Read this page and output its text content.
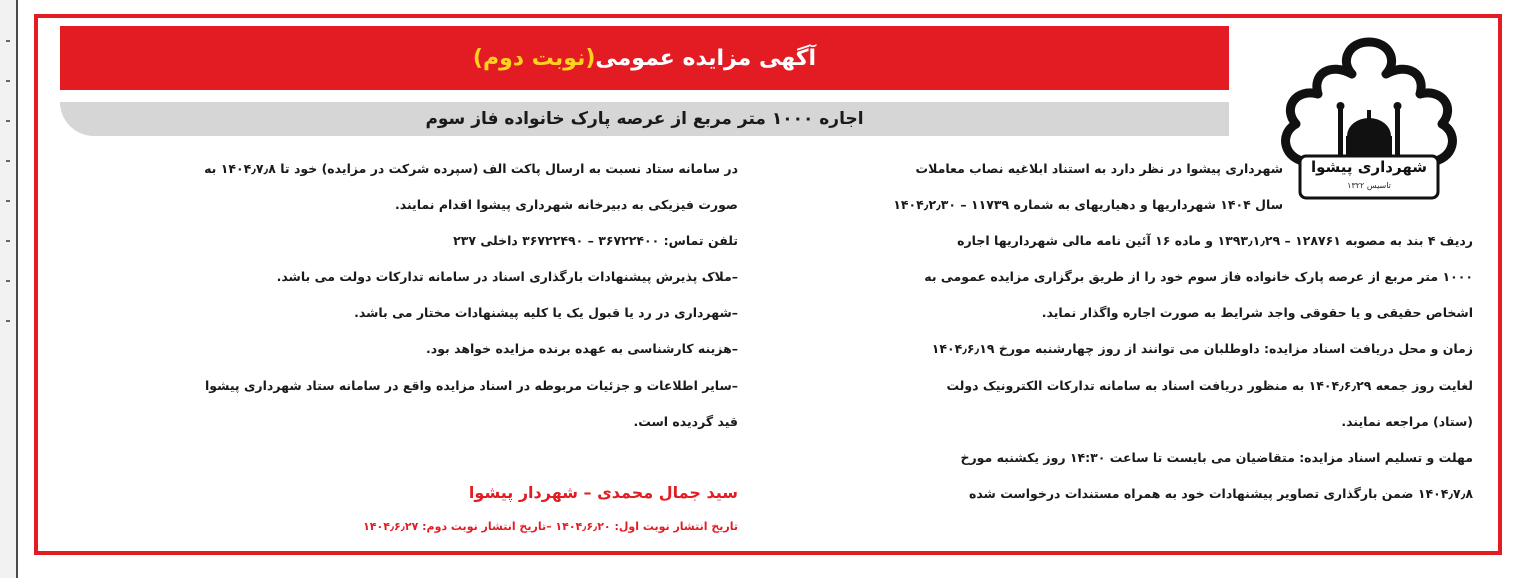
آگهی مزایده عمومی(نوبت دوم)
اجاره ۱۰۰۰ متر مربع از عرصه پارک خانواده فاز سوم
شهرداری پیشوا
تاسیس ۱۳۲۲

شهرداری پیشوا در نظر دارد به استناد ابلاغیه نصاب معاملات

سال ۱۴۰۴ شهرداریها و دهیاریهای به شماره ۱۱۷۳۹ – ۱۴۰۴٫۲٫۳۰

ردیف ۴ بند به مصوبه ۱۲۸۷۶۱ – ۱۳۹۳٫۱٫۲۹ و ماده ۱۶ آئین نامه مالی شهرداریها اجاره

۱۰۰۰ متر مربع از عرصه پارک خانواده فاز سوم خود را از طریق برگزاری مزایده عمومی به

اشخاص حقیقی و یا حقوقی واجد شرایط به صورت اجاره واگذار نماید.

زمان و محل دریافت اسناد مزایده: داوطلبان می توانند از روز چهارشنبه مورخ ۱۴۰۴٫۶٫۱۹

لغایت روز جمعه ۱۴۰۴٫۶٫۲۹ به منظور دریافت اسناد به سامانه تدارکات الکترونیک دولت

(ستاد) مراجعه نمایند.

مهلت و تسلیم اسناد مزایده: متقاضیان می بایست تا ساعت ۱۴:۳۰ روز یکشنبه مورخ

۱۴۰۴٫۷٫۸ ضمن بارگذاری تصاویر پیشنهادات خود به همراه مستندات درخواست شده

در سامانه ستاد نسبت به ارسال پاکت الف (سپرده شرکت در مزایده) خود تا ۱۴۰۴٫۷٫۸ به

صورت فیزیکی به دبیرخانه شهرداری پیشوا اقدام نمایند.

تلفن تماس: ۳۶۷۲۲۴۰۰ – ۳۶۷۲۲۴۹۰ داخلی ۲۳۷

–ملاک پذیرش پیشنهادات بارگذاری اسناد در سامانه تدارکات دولت می باشد.

–شهرداری در رد یا قبول یک یا کلیه پیشنهادات مختار می باشد.

–هزینه کارشناسی به عهده برنده مزایده خواهد بود.

–سایر اطلاعات و جزئیات مربوطه در اسناد مزایده واقع در سامانه ستاد شهرداری پیشوا

قید گردیده است.

سید جمال محمدی – شهردار پیشوا
تاریخ انتشار نوبت اول: ۱۴۰۴٫۶٫۲۰ –تاریخ انتشار نوبت دوم: ۱۴۰۴٫۶٫۲۷
